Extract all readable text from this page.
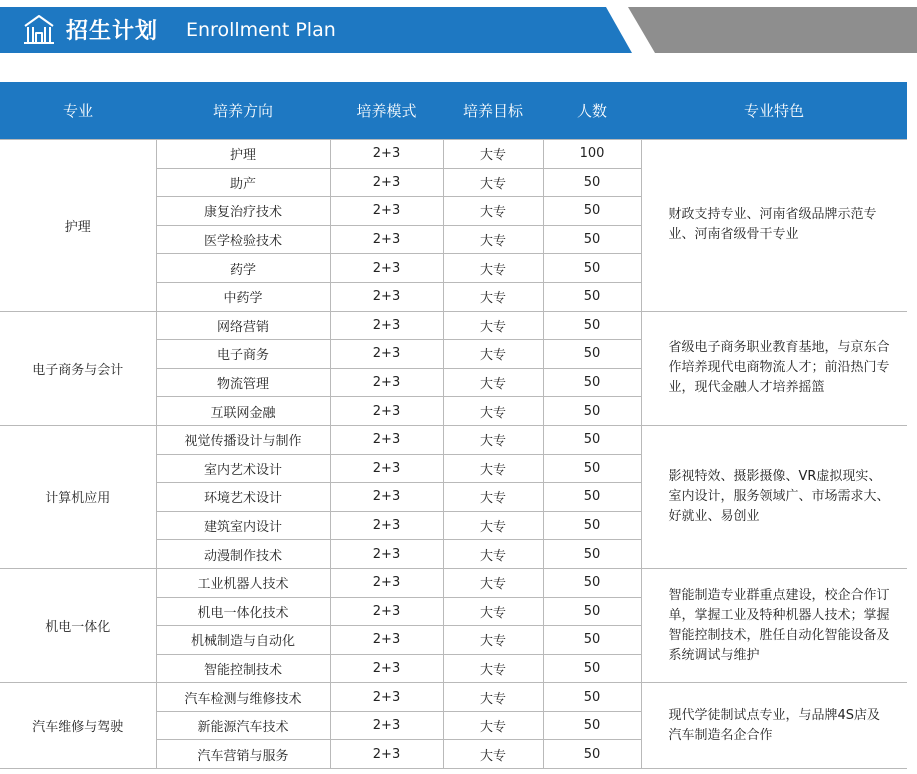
招生计划 Enrollment Plan
专业	培养方向	培养模式	培养目标	人数	专业特色
护理	护理	2+3	大专	100	财政支持专业、河南省级品牌示范专业、河南省级骨干专业
	助产	2+3	大专	50	
	康复治疗技术	2+3	大专	50	
	医学检验技术	2+3	大专	50	
	药学	2+3	大专	50	
	中药学	2+3	大专	50	
电子商务与会计	网络营销	2+3	大专	50	省级电子商务职业教育基地，与京东合作培养现代电商物流人才；前沿热门专业，现代金融人才培养摇篮
	电子商务	2+3	大专	50	
	物流管理	2+3	大专	50	
	互联网金融	2+3	大专	50	
计算机应用	视觉传播设计与制作	2+3	大专	50	影视特效、摄影摄像、VR虚拟现实、室内设计，服务领域广、市场需求大、好就业、易创业
	室内艺术设计	2+3	大专	50	
	环境艺术设计	2+3	大专	50	
	建筑室内设计	2+3	大专	50	
	动漫制作技术	2+3	大专	50	
机电一体化	工业机器人技术	2+3	大专	50	智能制造专业群重点建设，校企合作订单，掌握工业及特种机器人技术；掌握智能控制技术，胜任自动化智能设备及系统调试与维护
	机电一体化技术	2+3	大专	50	
	机械制造与自动化	2+3	大专	50	
	智能控制技术	2+3	大专	50	
汽车维修与驾驶	汽车检测与维修技术	2+3	大专	50	现代学徒制试点专业，与品牌4S店及汽车制造名企合作
	新能源汽车技术	2+3	大专	50	
	汽车营销与服务	2+3	大专	50	
